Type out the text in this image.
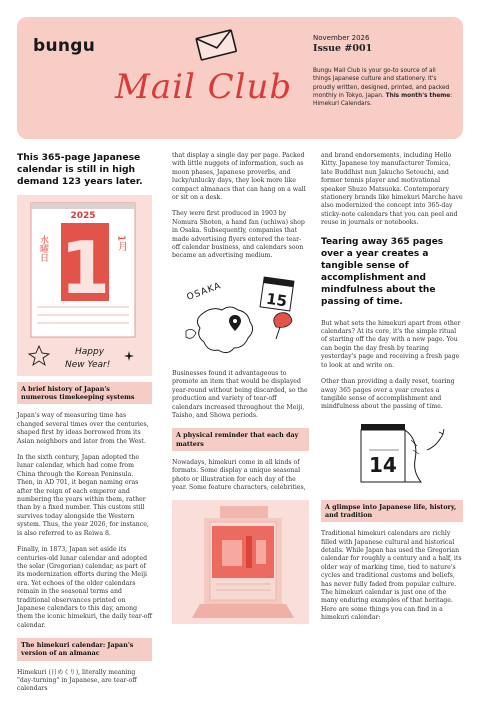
bungu
Mail Club
November 2026
Issue #001
Bungu Mail Club is your go-to source of all things Japanese culture and stationery. It's proudly written, designed, printed, and packed monthly in Tokyo, Japan. This month's theme: Himekuri Calendars.

This 365-page Japanese calendar is still in high demand 123 years later.

2025
水曜日 1 1月
Happy
New Year!
A brief history of Japan's numerous timekeeping systems

Japan's way of measuring time has changed several times over the centuries, shaped first by ideas borrowed from its Asian neighbors and later from the West.

In the sixth century, Japan adopted the lunar calendar, which had come from China through the Korean Peninsula. Then, in AD 701, it began naming eras after the reign of each emperor and numbering the years within them, rather than by a fixed number. This custom still survives today alongside the Western system. Thus, the year 2026, for instance, is also referred to as Reiwa 8.

Finally, in 1873, Japan set aside its centuries-old lunar calendar and adopted the solar (Gregorian) calendar, as part of its modernization efforts during the Meiji era. Yet echoes of the older calendars remain in the seasonal terms and traditional observances printed on Japanese calendars to this day, among them the iconic himekuri, the daily tear-off calendar.

The himekuri calendar: Japan's version of an almanac

Himekuri (日めくり), literally meaning "day-turning" in Japanese, are tear-off calendars

that display a single day per page. Packed with little nuggets of information, such as moon phases, Japanese proverbs, and lucky/unlucky days, they look more like compact almanacs that can hang on a wall or sit on a desk.

They were first produced in 1903 by Nomura Shoten, a hand fan (uchiwa) shop in Osaka. Subsequently, companies that made advertising flyers entered the tear-off calendar business, and calendars soon became an advertising medium.

OSAKA	15

Businesses found it advantageous to promote an item that would be displayed year-round without being discarded, so the production and variety of tear-off calendars increased throughout the Meiji, Taisho, and Showa periods.

A physical reminder that each day matters

Nowadays, himekuri come in all kinds of formats. Some display a unique seasonal photo or illustration for each day of the year. Some feature characters, celebrities,

and brand endorsements, including Hello Kitty. Japanese toy manufacturer Tomica, late Buddhist nun Jakucho Setouchi, and former tennis player and motivational speaker Shuzo Matsuoka. Contemporary stationery brands like himekuri Marche have also modernized the concept into 365-day sticky-note calendars that you can peel and reuse in journals or notebooks.

Tearing away 365 pages over a year creates a tangible sense of accomplishment and mindfulness about the passing of time.

But what sets the himekuri apart from other calendars? At its core, it's the simple ritual of starting off the day with a new page. You can begin the day fresh by tearing yesterday's page and receiving a fresh page to look at and write on.

Other than providing a daily reset, tearing away 365 pages over a year creates a tangible sense of accomplishment and mindfulness about the passing of time.

14
A glimpse into Japanese life, history, and tradition

Traditional himekuri calendars are richly filled with Japanese cultural and historical details. While Japan has used the Gregorian calendar for roughly a century and a half, its older way of marking time, tied to nature's cycles and traditional customs and beliefs, has never fully faded from popular culture. The himekuri calendar is just one of the many enduring examples of that heritage. Here are some things you can find in a himekuri calendar:
